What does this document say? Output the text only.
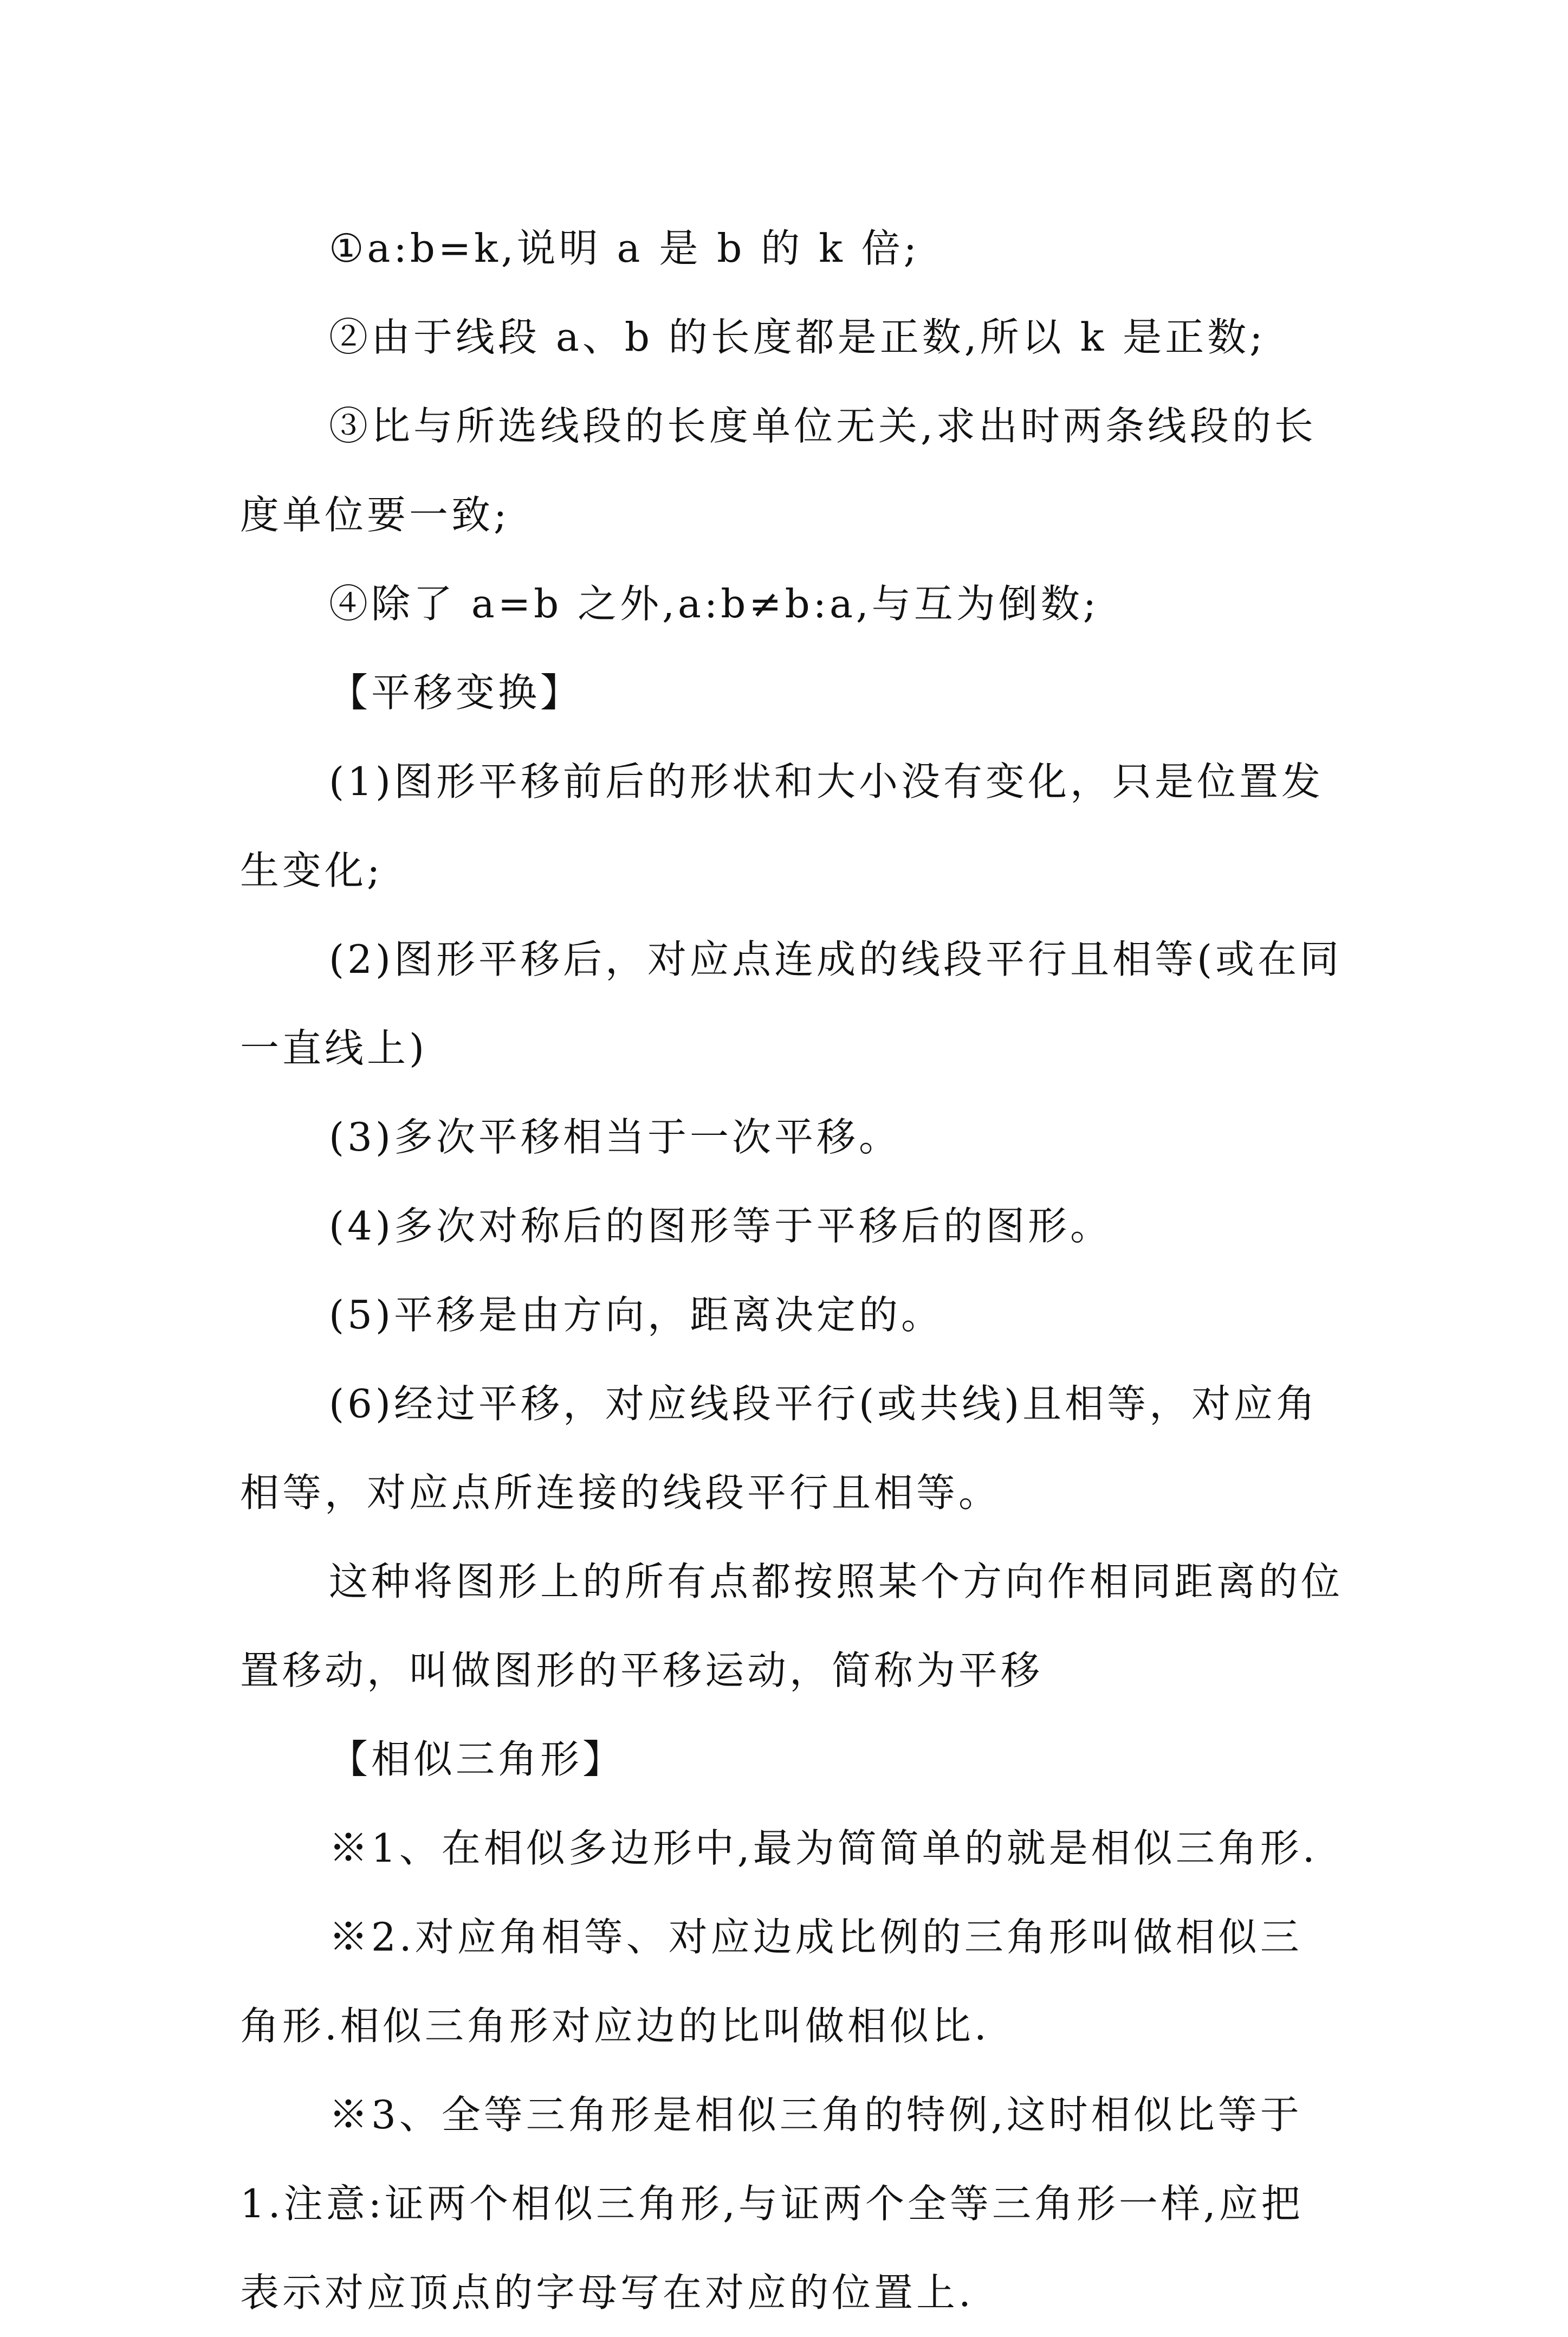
①a:b=k,说明 a 是 b 的 k 倍;

②由于线段 a、b 的长度都是正数,所以 k 是正数;

③比与所选线段的长度单位无关,求出时两条线段的长度单位要一致;

④除了 a=b 之外,a:b≠b:a,与互为倒数;

【平移变换】

(1)图形平移前后的形状和大小没有变化，只是位置发生变化;

(2)图形平移后，对应点连成的线段平行且相等(或在同一直线上)

(3)多次平移相当于一次平移。

(4)多次对称后的图形等于平移后的图形。

(5)平移是由方向，距离决定的。

(6)经过平移，对应线段平行(或共线)且相等，对应角相等，对应点所连接的线段平行且相等。

这种将图形上的所有点都按照某个方向作相同距离的位置移动，叫做图形的平移运动，简称为平移

【相似三角形】

※1、在相似多边形中,最为简简单的就是相似三角形.

※2.对应角相等、对应边成比例的三角形叫做相似三角形.相似三角形对应边的比叫做相似比.

※3、全等三角形是相似三角的特例,这时相似比等于 1.注意:证两个相似三角形,与证两个全等三角形一样,应把表示对应顶点的字母写在对应的位置上.
